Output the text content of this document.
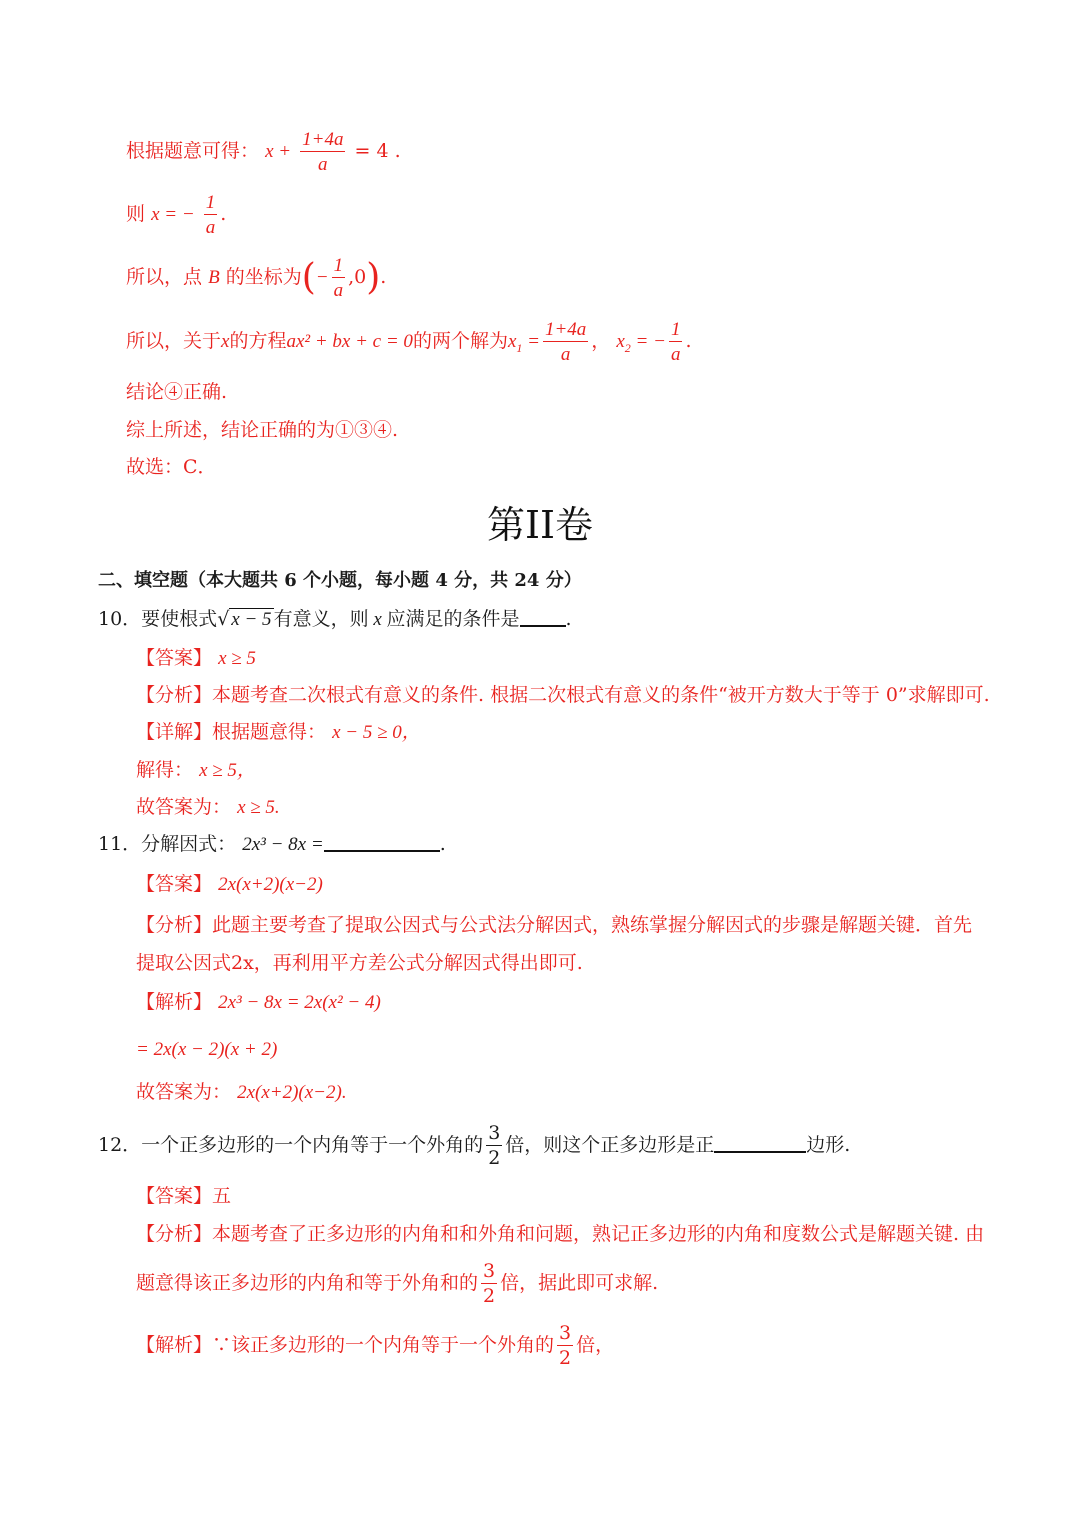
根据题意可得： $x + \frac{1+4a}{a} = 4$ .
则 x = − $\frac{1}{a}$ .
所以，点 B 的坐标为(− $\frac{1}{a} ,0$).
所以，关于x的方程ax² + bx + c = 0的两个解为$x_1 = \frac{1+4a}{a}$ ， $x_2$ = − $\frac{1}{a}$ .
结论④正确.
综上所述，结论正确的为①③④.
故选：C．
第II卷
二、填空题（本大题共 6 个小题，每小题 4 分，共 24 分）
10．要使根式√ x − 5 有意义，则 x 应满足的条件是 .
【答案】 x ≥ 5
【分析】本题考查二次根式有意义的条件. 根据二次根式有意义的条件“被开方数大于等于 0”求解即可.
【详解】根据题意得： x − 5 ≥ 0，
解得： x ≥ 5，
故答案为： x ≥ 5.
11．分解因式： 2x³ − 8x =	.
【答案】 2x(x+2)(x−2)
【分析】此题主要考查了提取公因式与公式法分解因式，熟练掌握分解因式的步骤是解题关键．首先
提取公因式2x，再利用平方差公式分解因式得出即可.
【解析】 2x³ − 8x = 2x(x² − 4)
= 2x(x − 2)(x + 2)
故答案为： 2x(x+2)(x−2).
12．一个正多边形的一个内角等于一个外角的 $\frac{3}{2}$ 倍，则这个正多边形是正	边形.
【答案】五
【分析】本题考查了正多边形的内角和和外角和问题，熟记正多边形的内角和度数公式是解题关键. 由
题意得该正多边形的内角和等于外角和的 $\frac{3}{2}$ 倍，据此即可求解.
【解析】∵该正多边形的一个内角等于一个外角的 $\frac{3}{2}$ 倍，
